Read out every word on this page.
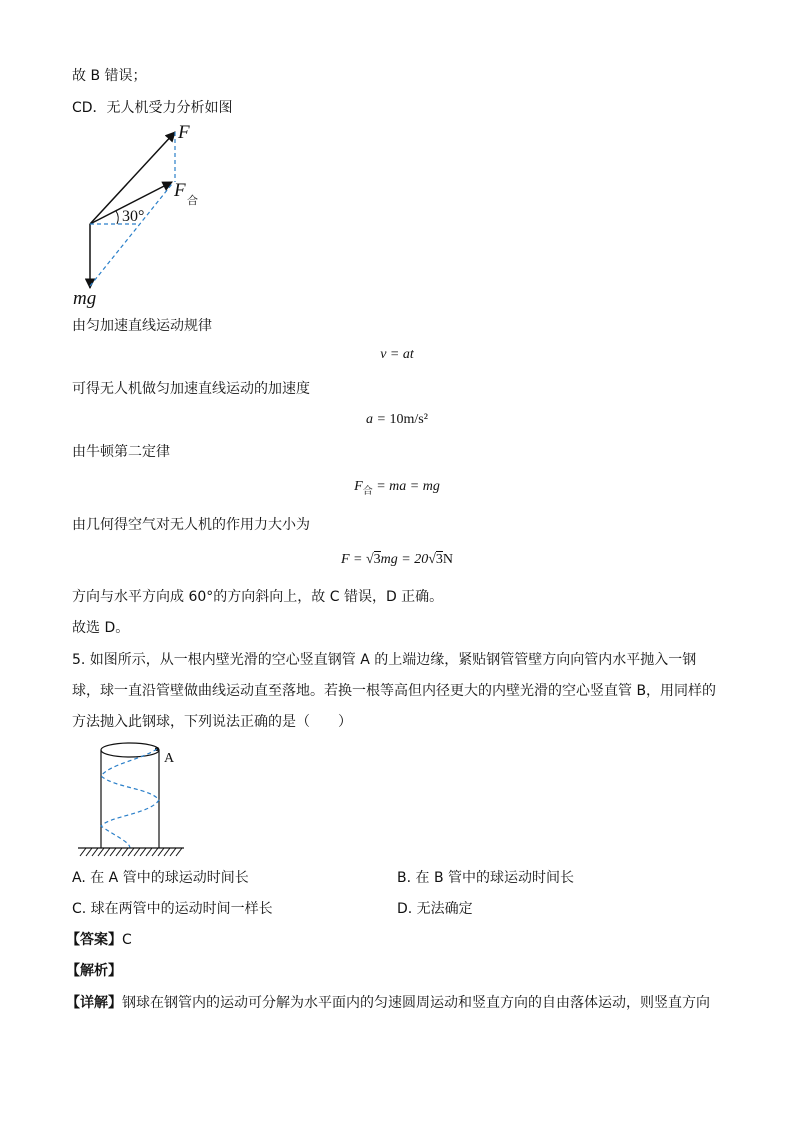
故 B 错误；
CD．无人机受力分析如图
30°
F
F 合
mg
由匀加速直线运动规律
v = at
可得无人机做匀加速直线运动的加速度
a = 10m/s²
由牛顿第二定律
$F_合$ = ma = mg
由几何得空气对无人机的作用力大小为
F = √3mg = 20√3N
方向与水平方向成 60°的方向斜向上，故 C 错误，D 正确。
故选 D。
5. 如图所示，从一根内壁光滑的空心竖直钢管 A 的上端边缘，紧贴钢管管壁方向向管内水平抛入一钢
球，球一直沿管壁做曲线运动直至落地。若换一根等高但内径更大的内壁光滑的空心竖直管 B，用同样的
方法抛入此钢球，下列说法正确的是（　　）
A
A. 在 A 管中的球运动时间长	B. 在 B 管中的球运动时间长
C. 球在两管中的运动时间一样长	D. 无法确定
【答案】C
【解析】
【详解】钢球在钢管内的运动可分解为水平面内的匀速圆周运动和竖直方向的自由落体运动，则竖直方向
